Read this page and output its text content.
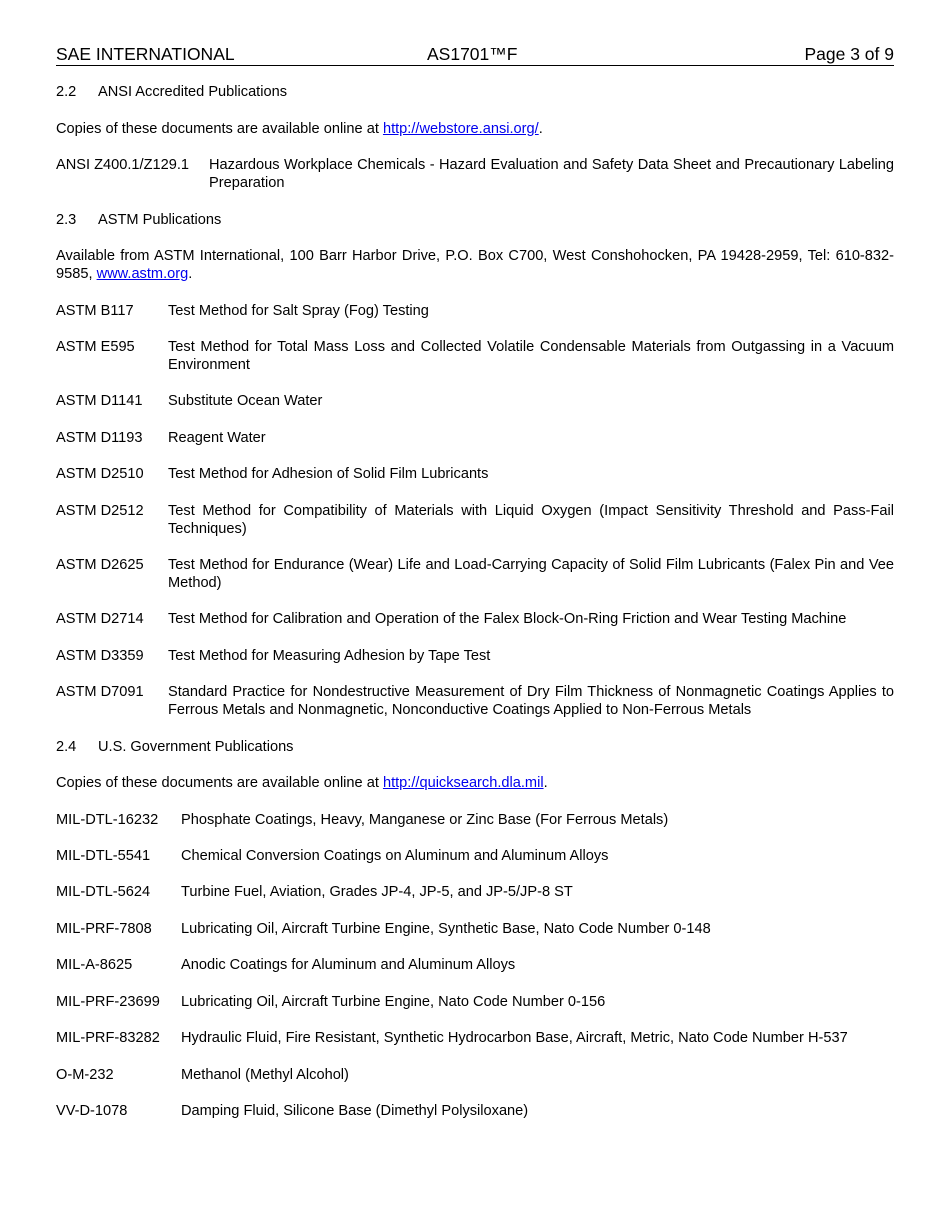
SAE INTERNATIONAL	AS1701™F	Page 3 of 9
2.2 ANSI Accredited Publications
Copies of these documents are available online at http://webstore.ansi.org/.
ANSI Z400.1/Z129.1 Hazardous Workplace Chemicals - Hazard Evaluation and Safety Data Sheet and Precautionary Labeling Preparation
2.3 ASTM Publications
Available from ASTM International, 100 Barr Harbor Drive, P.O. Box C700, West Conshohocken, PA 19428-2959, Tel: 610-832-9585, www.astm.org.
ASTM B117 Test Method for Salt Spray (Fog) Testing
ASTM E595 Test Method for Total Mass Loss and Collected Volatile Condensable Materials from Outgassing in a Vacuum Environment
ASTM D1141 Substitute Ocean Water
ASTM D1193 Reagent Water
ASTM D2510 Test Method for Adhesion of Solid Film Lubricants
ASTM D2512 Test Method for Compatibility of Materials with Liquid Oxygen (Impact Sensitivity Threshold and Pass-Fail Techniques)
ASTM D2625 Test Method for Endurance (Wear) Life and Load-Carrying Capacity of Solid Film Lubricants (Falex Pin and Vee Method)
ASTM D2714 Test Method for Calibration and Operation of the Falex Block-On-Ring Friction and Wear Testing Machine
ASTM D3359 Test Method for Measuring Adhesion by Tape Test
ASTM D7091 Standard Practice for Nondestructive Measurement of Dry Film Thickness of Nonmagnetic Coatings Applies to Ferrous Metals and Nonmagnetic, Nonconductive Coatings Applied to Non-Ferrous Metals
2.4 U.S. Government Publications
Copies of these documents are available online at http://quicksearch.dla.mil.
MIL-DTL-16232 Phosphate Coatings, Heavy, Manganese or Zinc Base (For Ferrous Metals)
MIL-DTL-5541 Chemical Conversion Coatings on Aluminum and Aluminum Alloys
MIL-DTL-5624 Turbine Fuel, Aviation, Grades JP-4, JP-5, and JP-5/JP-8 ST
MIL-PRF-7808 Lubricating Oil, Aircraft Turbine Engine, Synthetic Base, Nato Code Number 0-148
MIL-A-8625	Anodic Coatings for Aluminum and Aluminum Alloys
MIL-PRF-23699 Lubricating Oil, Aircraft Turbine Engine, Nato Code Number 0-156
MIL-PRF-83282 Hydraulic Fluid, Fire Resistant, Synthetic Hydrocarbon Base, Aircraft, Metric, Nato Code Number H-537
O-M-232	Methanol (Methyl Alcohol)
VV-D-1078	Damping Fluid, Silicone Base (Dimethyl Polysiloxane)
